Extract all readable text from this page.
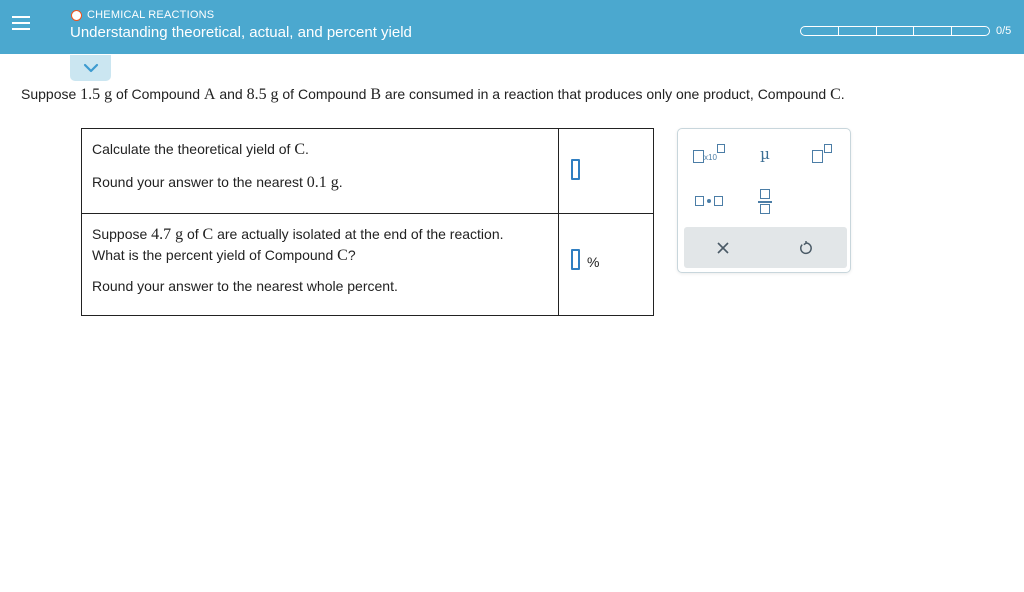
CHEMICAL REACTIONS
Understanding theoretical, actual, and percent yield	0/5
Suppose 1.5 g of Compound A and 8.5 g of Compound B are consumed in a reaction that produces only one product, Compound C.

Calculate the theoretical yield of C.

Round your answer to the nearest 0.1 g.	

Suppose 4.7 g of C are actually isolated at the end of the reaction.

What is the percent yield of Compound C?

Round your answer to the nearest whole percent.	%
x10	µ
